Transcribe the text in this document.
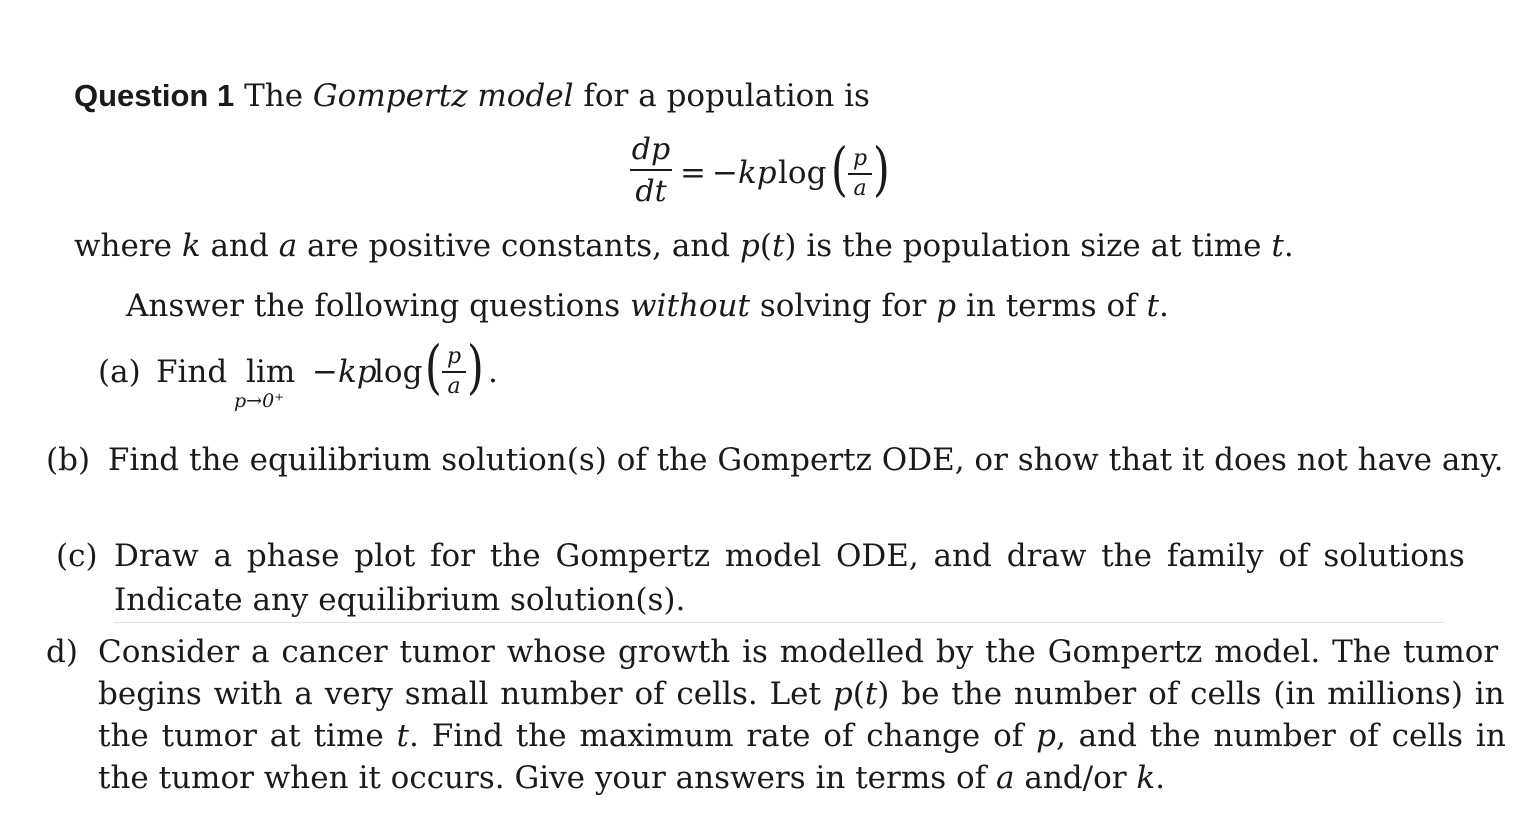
Question 1 The Gompertz model for a population is
dp
dt
= −kp log ( p
a )
where k and a are positive constants, and p(t) is the population size at time t.
Answer the following questions without solving for p in terms of t.
(a) Find lim
p→0⁺
−kp
log ( p
a ) .
(b) Find the equilibrium solution(s) of the Gompertz ODE, or show that it does not have any.
(c) Draw a phase plot for the Gompertz model ODE, and draw the family of solutions
Indicate any equilibrium solution(s).
d) Consider a cancer tumor whose growth is modelled by the Gompertz model. The tumor
begins with a very small number of cells. Let p(t) be the number of cells (in millions) in
the tumor at time t. Find the maximum rate of change of p, and the number of cells in
the tumor when it occurs. Give your answers in terms of a and/or k.
